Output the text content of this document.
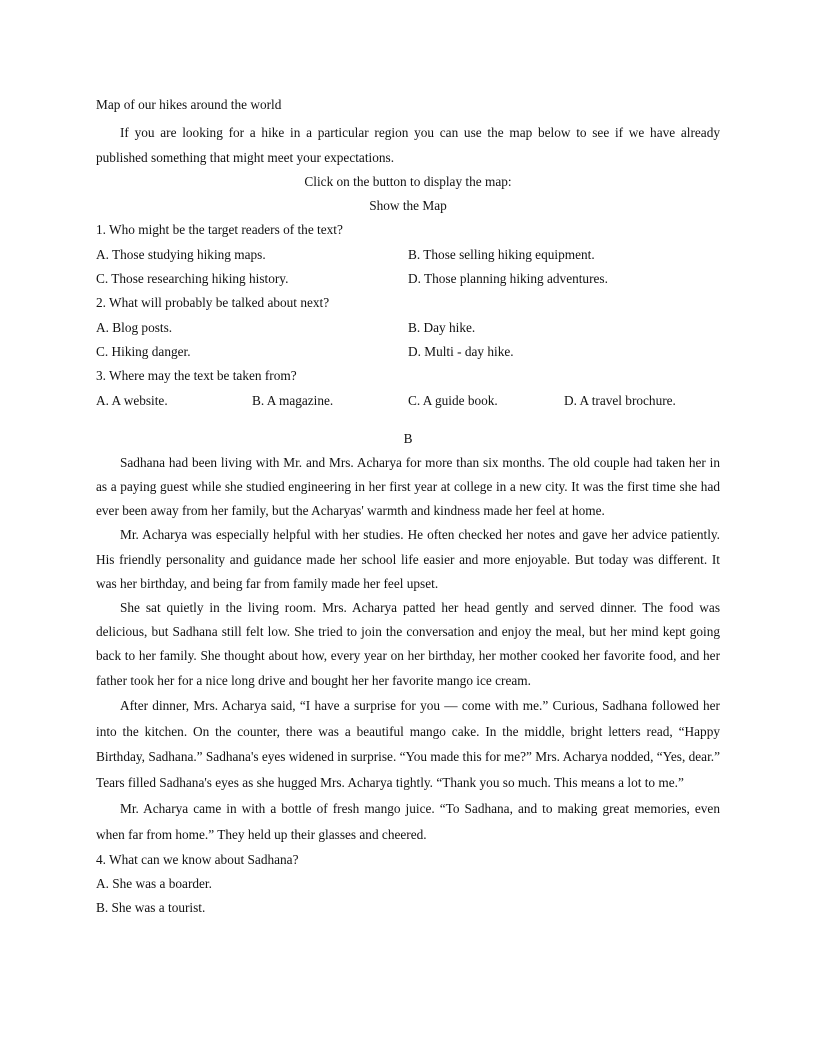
Map of our hikes around the world

If you are looking for a hike in a particular region you can use the map below to see if we have already published something that might meet your expectations.

Click on the button to display the map:
Show the Map
1. Who might be the target readers of the text?
A. Those studying hiking maps.	B. Those selling hiking equipment.
C. Those researching hiking history.	D. Those planning hiking adventures.
2. What will probably be talked about next?
A. Blog posts.	B. Day hike.
C. Hiking danger.	D. Multi - day hike.
3. Where may the text be taken from?
A. A website.	B. A magazine.	C. A guide book.	D. A travel brochure.
B

Sadhana had been living with Mr. and Mrs. Acharya for more than six months. The old couple had taken her in as a paying guest while she studied engineering in her first year at college in a new city. It was the first time she had ever been away from her family, but the Acharyas' warmth and kindness made her feel at home.

Mr. Acharya was especially helpful with her studies. He often checked her notes and gave her advice patiently. His friendly personality and guidance made her school life easier and more enjoyable. But today was different. It was her birthday, and being far from family made her feel upset.

She sat quietly in the living room. Mrs. Acharya patted her head gently and served dinner. The food was delicious, but Sadhana still felt low. She tried to join the conversation and enjoy the meal, but her mind kept going back to her family. She thought about how, every year on her birthday, her mother cooked her favorite food, and her father took her for a nice long drive and bought her her favorite mango ice cream.

After dinner, Mrs. Acharya said, “I have a surprise for you — come with me.” Curious, Sadhana followed her into the kitchen. On the counter, there was a beautiful mango cake. In the middle, bright letters read, “Happy Birthday, Sadhana.” Sadhana's eyes widened in surprise. “You made this for me?” Mrs. Acharya nodded, “Yes, dear.” Tears filled Sadhana's eyes as she hugged Mrs. Acharya tightly. “Thank you so much. This means a lot to me.”

Mr. Acharya came in with a bottle of fresh mango juice. “To Sadhana, and to making great memories, even when far from home.” They held up their glasses and cheered.

4. What can we know about Sadhana?
A. She was a boarder.
B. She was a tourist.
